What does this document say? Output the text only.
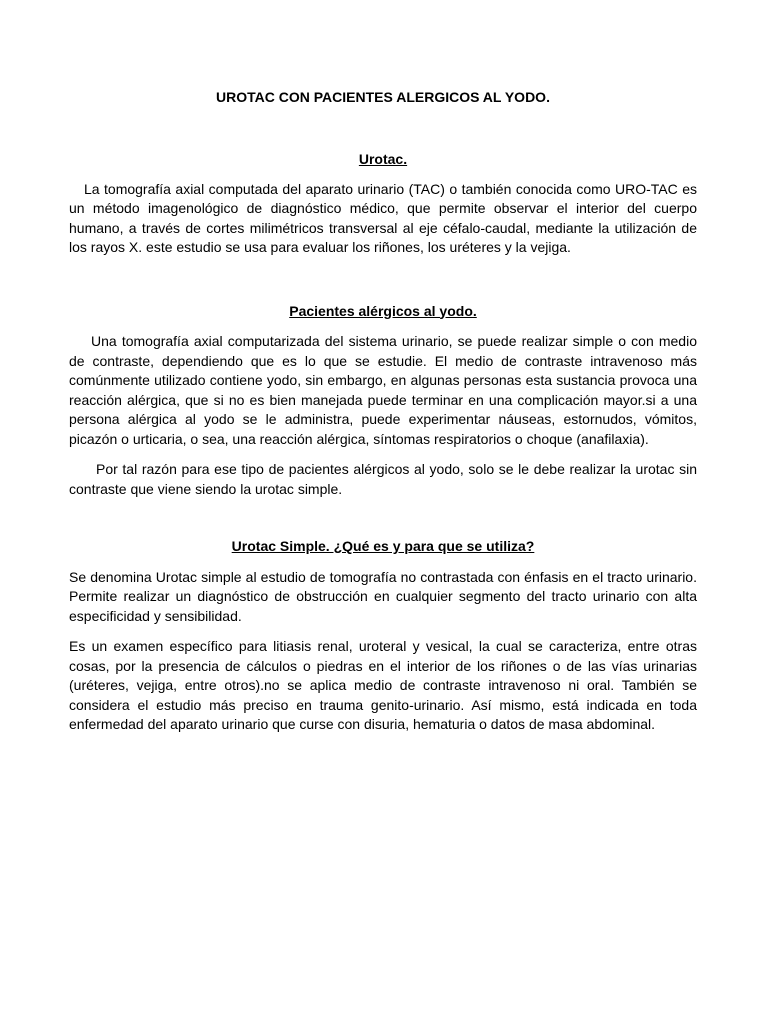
UROTAC CON PACIENTES ALERGICOS AL YODO.

Urotac.

La tomografía axial computada del aparato urinario (TAC) o también conocida como URO-TAC es un método imagenológico de diagnóstico médico, que permite observar el interior del cuerpo humano, a través de cortes milimétricos transversal al eje céfalo-caudal, mediante la utilización de los rayos X. este estudio se usa para evaluar los riñones, los uréteres y la vejiga.

Pacientes alérgicos al yodo.

Una tomografía axial computarizada del sistema urinario, se puede realizar simple o con medio de contraste, dependiendo que es lo que se estudie. El medio de contraste intravenoso más comúnmente utilizado contiene yodo, sin embargo, en algunas personas esta sustancia provoca una reacción alérgica, que si no es bien manejada puede terminar en una complicación mayor.si a una persona alérgica al yodo se le administra, puede experimentar náuseas, estornudos, vómitos, picazón o urticaria, o sea, una reacción alérgica, síntomas respiratorios o choque (anafilaxia).

Por tal razón para ese tipo de pacientes alérgicos al yodo, solo se le debe realizar la urotac sin contraste que viene siendo la urotac simple.

Urotac Simple. ¿Qué es y para que se utiliza?

Se denomina Urotac simple al estudio de tomografía no contrastada con énfasis en el tracto urinario. Permite realizar un diagnóstico de obstrucción en cualquier segmento del tracto urinario con alta especificidad y sensibilidad.

Es un examen específico para litiasis renal, uroteral y vesical, la cual se caracteriza, entre otras cosas, por la presencia de cálculos o piedras en el interior de los riñones o de las vías urinarias (uréteres, vejiga, entre otros).no se aplica medio de contraste intravenoso ni oral. También se considera el estudio más preciso en trauma genito-urinario. Así mismo, está indicada en toda enfermedad del aparato urinario que curse con disuria, hematuria o datos de masa abdominal.
